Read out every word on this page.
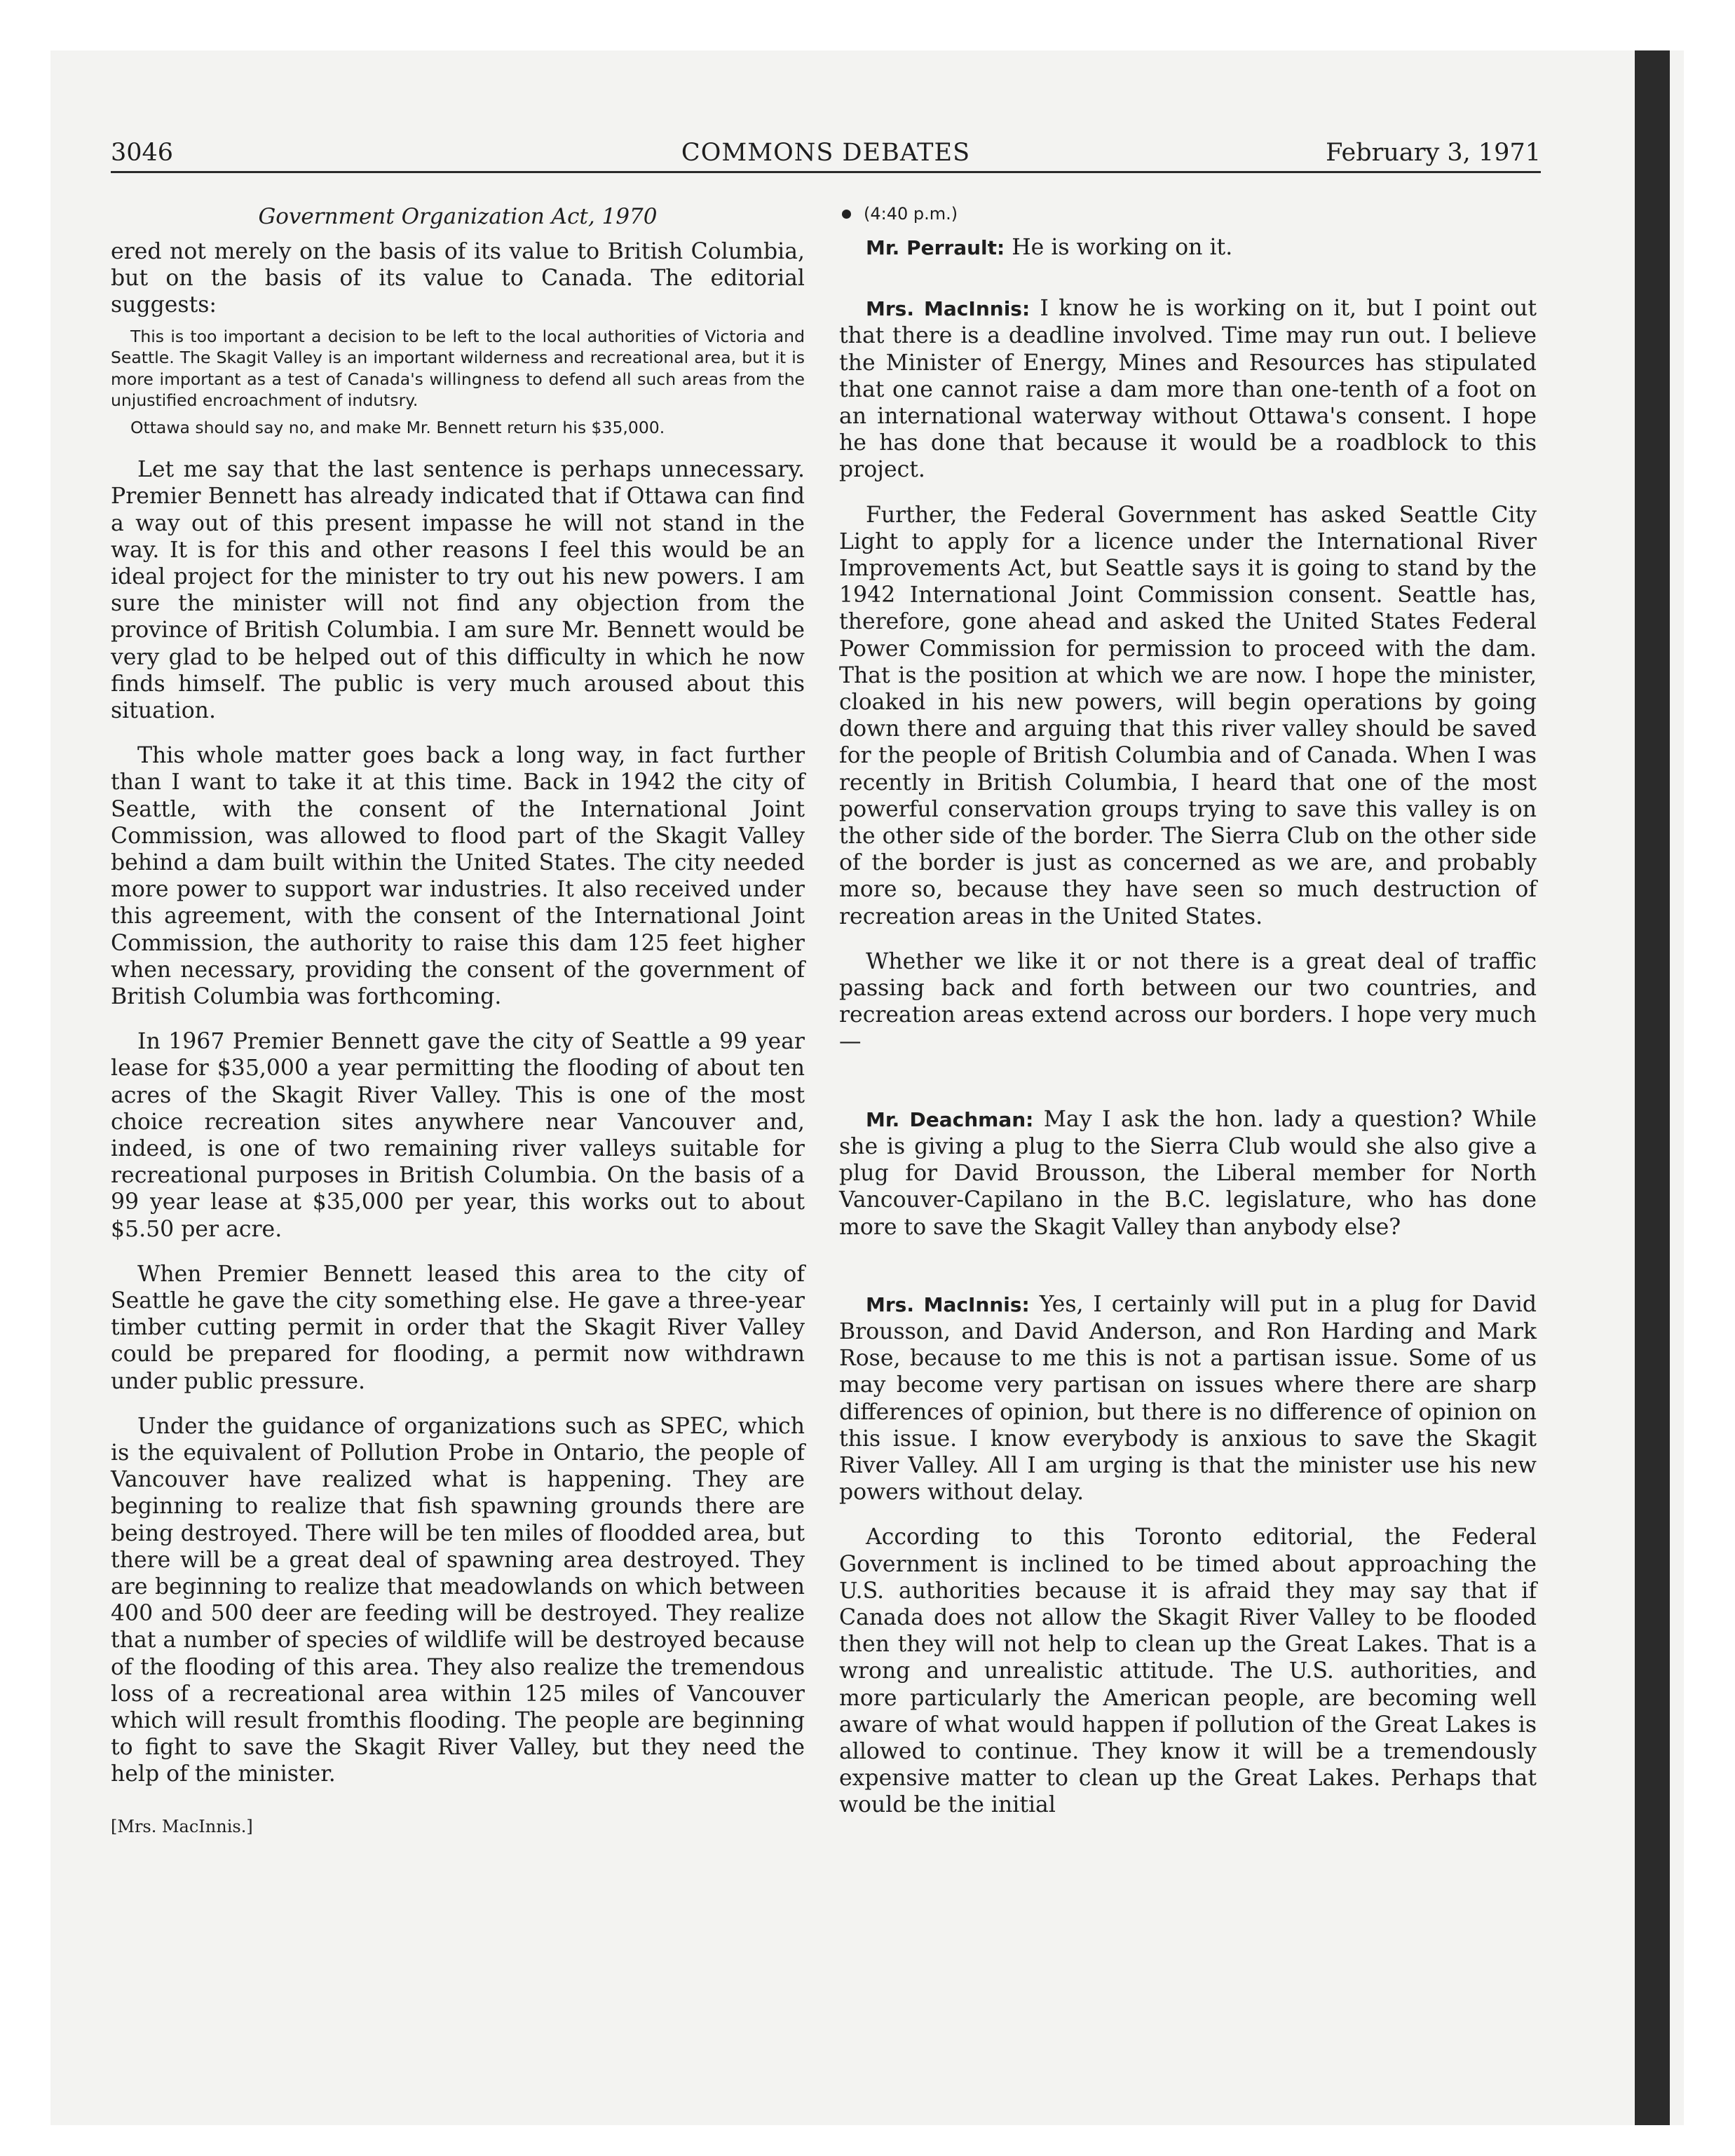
3046	COMMONS DEBATES	February 3, 1971
Government Organization Act, 1970

ered not merely on the basis of its value to British Columbia, but on the basis of its value to Canada. The editorial suggests:

This is too important a decision to be left to the local authorities of Victoria and Seattle. The Skagit Valley is an important wilderness and recreational area, but it is more important as a test of Canada's willingness to defend all such areas from the unjustified encroachment of indutsry.

Ottawa should say no, and make Mr. Bennett return his $35,000.

Let me say that the last sentence is perhaps unnecessary. Premier Bennett has already indicated that if Ottawa can find a way out of this present impasse he will not stand in the way. It is for this and other reasons I feel this would be an ideal project for the minister to try out his new powers. I am sure the minister will not find any objection from the province of British Columbia. I am sure Mr. Bennett would be very glad to be helped out of this difficulty in which he now finds himself. The public is very much aroused about this situation.

This whole matter goes back a long way, in fact further than I want to take it at this time. Back in 1942 the city of Seattle, with the consent of the International Joint Commission, was allowed to flood part of the Skagit Valley behind a dam built within the United States. The city needed more power to support war industries. It also received under this agreement, with the consent of the International Joint Commission, the authority to raise this dam 125 feet higher when necessary, providing the consent of the government of British Columbia was forthcoming.

In 1967 Premier Bennett gave the city of Seattle a 99 year lease for $35,000 a year permitting the flooding of about ten acres of the Skagit River Valley. This is one of the most choice recreation sites anywhere near Vancouver and, indeed, is one of two remaining river valleys suitable for recreational purposes in British Columbia. On the basis of a 99 year lease at $35,000 per year, this works out to about $5.50 per acre.

When Premier Bennett leased this area to the city of Seattle he gave the city something else. He gave a three-year timber cutting permit in order that the Skagit River Valley could be prepared for flooding, a permit now withdrawn under public pressure.

Under the guidance of organizations such as SPEC, which is the equivalent of Pollution Probe in Ontario, the people of Vancouver have realized what is happening. They are beginning to realize that fish spawning grounds there are being destroyed. There will be ten miles of floodded area, but there will be a great deal of spawning area destroyed. They are beginning to realize that meadowlands on which between 400 and 500 deer are feeding will be destroyed. They realize that a number of species of wildlife will be destroyed because of the flooding of this area. They also realize the tremendous loss of a recreational area within 125 miles of Vancouver which will result fromthis flooding. The people are beginning to fight to save the Skagit River Valley, but they need the help of the minister.

[Mrs. MacInnis.]

(4:40 p.m.)

Mr. Perrault: He is working on it.

Mrs. MacInnis: I know he is working on it, but I point out that there is a deadline involved. Time may run out. I believe the Minister of Energy, Mines and Resources has stipulated that one cannot raise a dam more than one-tenth of a foot on an international waterway without Ottawa's consent. I hope he has done that because it would be a roadblock to this project.

Further, the Federal Government has asked Seattle City Light to apply for a licence under the International River Improvements Act, but Seattle says it is going to stand by the 1942 International Joint Commission consent. Seattle has, therefore, gone ahead and asked the United States Federal Power Commission for permission to proceed with the dam. That is the position at which we are now. I hope the minister, cloaked in his new powers, will begin operations by going down there and arguing that this river valley should be saved for the people of British Columbia and of Canada. When I was recently in British Columbia, I heard that one of the most powerful conservation groups trying to save this valley is on the other side of the border. The Sierra Club on the other side of the border is just as concerned as we are, and probably more so, because they have seen so much destruction of recreation areas in the United States.

Whether we like it or not there is a great deal of traffic passing back and forth between our two countries, and recreation areas extend across our borders. I hope very much—

Mr. Deachman: May I ask the hon. lady a question? While she is giving a plug to the Sierra Club would she also give a plug for David Brousson, the Liberal member for North Vancouver-Capilano in the B.C. legislature, who has done more to save the Skagit Valley than anybody else?

Mrs. MacInnis: Yes, I certainly will put in a plug for David Brousson, and David Anderson, and Ron Harding and Mark Rose, because to me this is not a partisan issue. Some of us may become very partisan on issues where there are sharp differences of opinion, but there is no difference of opinion on this issue. I know everybody is anxious to save the Skagit River Valley. All I am urging is that the minister use his new powers without delay.

According to this Toronto editorial, the Federal Government is inclined to be timed about approaching the U.S. authorities because it is afraid they may say that if Canada does not allow the Skagit River Valley to be flooded then they will not help to clean up the Great Lakes. That is a wrong and unrealistic attitude. The U.S. authorities, and more particularly the American people, are becoming well aware of what would happen if pollution of the Great Lakes is allowed to continue. They know it will be a tremendously expensive matter to clean up the Great Lakes. Perhaps that would be the initial
